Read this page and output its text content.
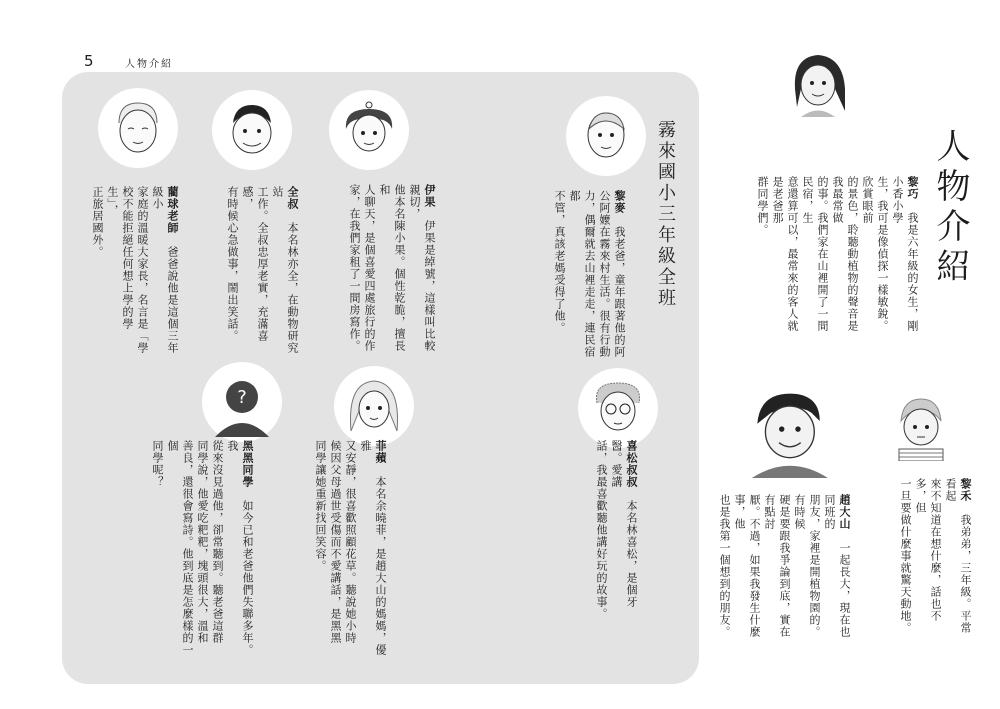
5	人物介紹
霧來國小三年級全班	人物介紹
?
黎巧　我是六年級的女生，剛小香小學
生，我可是像偵探一樣敏銳。欣賞眼前
的景色，聆聽動植物的聲音是我最常做
的事。我們家在山裡開了一間民宿，生
意還算可以，最常來的客人就是老爸那
群同學們。
黎禾　我弟弟，三年級。平常看起
來不知道在想什麼，話也不多，但
一旦要做什麼事就驚天動地。
趙大山　一起長大，現在也同班的
朋友，家裡是開植物園的。有時候
硬是要跟我爭論到底，實在有點討
厭。不過，如果我發生什麼事，他
也是我第一個想到的朋友。
黎麥　我老爸，童年跟著他的阿
公阿嬤在霧來村生活。很有行動
力，偶爾就去山裡走走，連民宿都
不管，真該老媽受得了他。
伊果　伊果是綽號，這樣叫比較親切，
他本名陳小果。個性乾脆，擅長和
人聊天，是個喜愛四處旅行的作
家，在我們家租了一間房寫作。
全叔　本名林亦全，在動物研究站
工作。全叔忠厚老實，充滿喜感，
有時候心急做事，鬧出笑話。
藺球老師　爸爸說他是這個三年級小
家庭的溫暖大家長，名言是「學
校不能拒絕任何想上學的學生」，
正旅居國外。
喜松叔叔　本名林喜松，是個牙醫。愛講
話，我最喜歡聽他講好玩的故事。
菲蘋　本名余曉菲，是趙大山的媽媽，優雅
又安靜，很喜歡照顧花草。聽說她小時
候因父母過世受傷而不愛講話，是黑黑
同學讓她重新找回笑容。
黑黑同學　如今已和老爸他們失聯多年。我
從來沒見過他，卻常聽到。聽老爸這群
同學說，他愛吃粑粑，塊頭很大，溫和
善良，還很會寫詩。他到底是怎麼樣的一個
同學呢？
